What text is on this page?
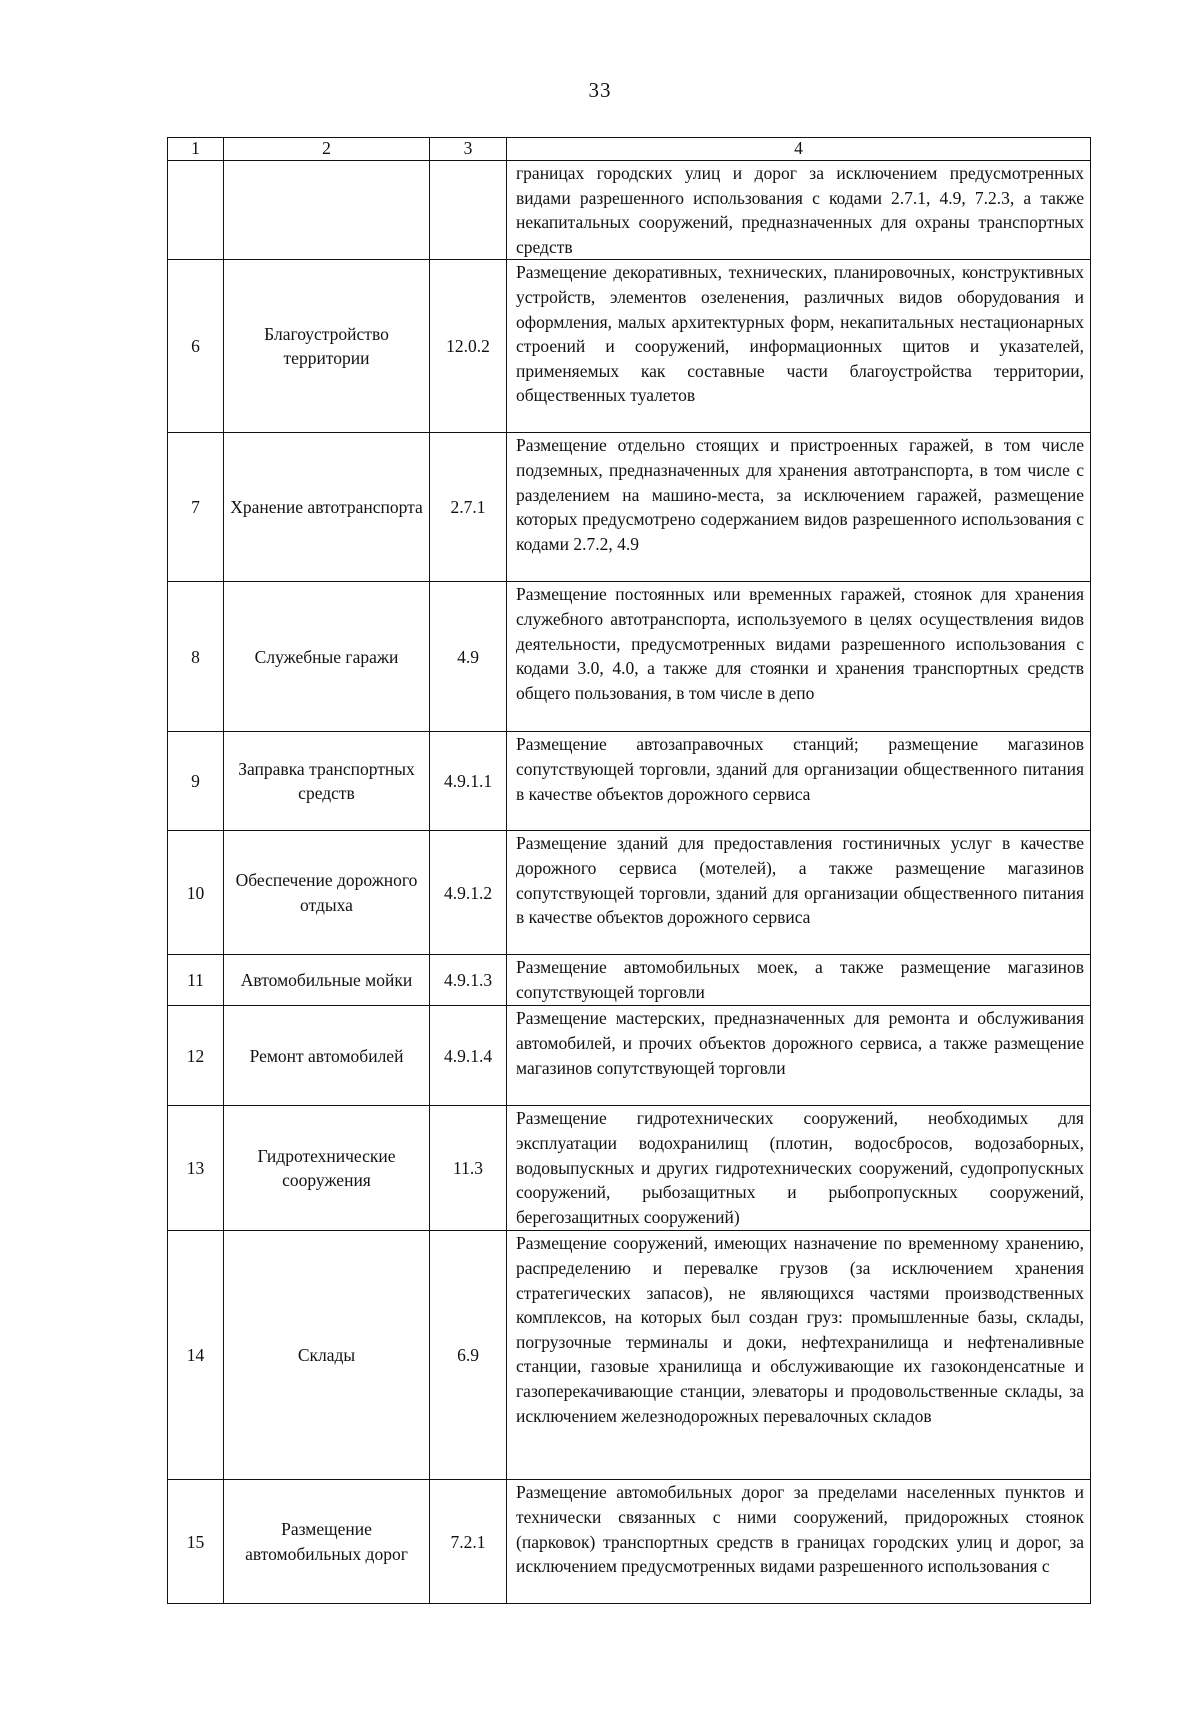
33
1	2	3	4
			границах городских улиц и дорог за исключением предусмотренных видами разрешенного использования с кодами 2.7.1, 4.9, 7.2.3, а также некапитальных сооружений, предназначенных для охраны транспортных средств
6	Благоустройство территории	12.0.2	Размещение декоративных, технических, планировочных, конструктивных устройств, элементов озеленения, различных видов оборудования и оформления, малых архитектурных форм, некапитальных нестационарных строений и сооружений, информационных щитов и указателей, применяемых как составные части благоустройства территории, общественных туалетов
7	Хранение автотранспорта	2.7.1	Размещение отдельно стоящих и пристроенных гаражей, в том числе подземных, предназначенных для хранения автотранспорта, в том числе с разделением на машино-места, за исключением гаражей, размещение которых предусмотрено содержанием видов разрешенного использования с кодами 2.7.2, 4.9
8	Служебные гаражи	4.9	Размещение постоянных или временных гаражей, стоянок для хранения служебного автотранспорта, используемого в целях осуществления видов деятельности, предусмотренных видами разрешенного использования с кодами 3.0, 4.0, а также для стоянки и хранения транспортных средств общего пользования, в том числе в депо
9	Заправка транспортных средств	4.9.1.1	Размещение автозаправочных станций; размещение магазинов сопутствующей торговли, зданий для организации общественного питания в качестве объектов дорожного сервиса
10	Обеспечение дорожного отдыха	4.9.1.2	Размещение зданий для предоставления гостиничных услуг в качестве дорожного сервиса (мотелей), а также размещение магазинов сопутствующей торговли, зданий для организации общественного питания в качестве объектов дорожного сервиса
11	Автомобильные мойки	4.9.1.3	Размещение автомобильных моек, а также размещение магазинов сопутствующей торговли
12	Ремонт автомобилей	4.9.1.4	Размещение мастерских, предназначенных для ремонта и обслуживания автомобилей, и прочих объектов дорожного сервиса, а также размещение магазинов сопутствующей торговли
13	Гидротехнические сооружения	11.3	Размещение гидротехнических сооружений, необходимых для эксплуатации водохранилищ (плотин, водосбросов, водозаборных, водовыпускных и других гидротехнических сооружений, судопропускных сооружений, рыбозащитных и рыбопропускных сооружений, берегозащитных сооружений)
14	Склады	6.9	Размещение сооружений, имеющих назначение по временному хранению, распределению и перевалке грузов (за исключением хранения стратегических запасов), не являющихся частями производственных комплексов, на которых был создан груз: промышленные базы, склады, погрузочные терминалы и доки, нефтехранилища и нефтеналивные станции, газовые хранилища и обслуживающие их газоконденсатные и газоперекачивающие станции, элеваторы и продовольственные склады, за исключением железнодорожных перевалочных складов
15	Размещение автомобильных дорог	7.2.1	Размещение автомобильных дорог за пределами населенных пунктов и технически связанных с ними сооружений, придорожных стоянок (парковок) транспортных средств в границах городских улиц и дорог, за исключением предусмотренных видами разрешенного использования с
